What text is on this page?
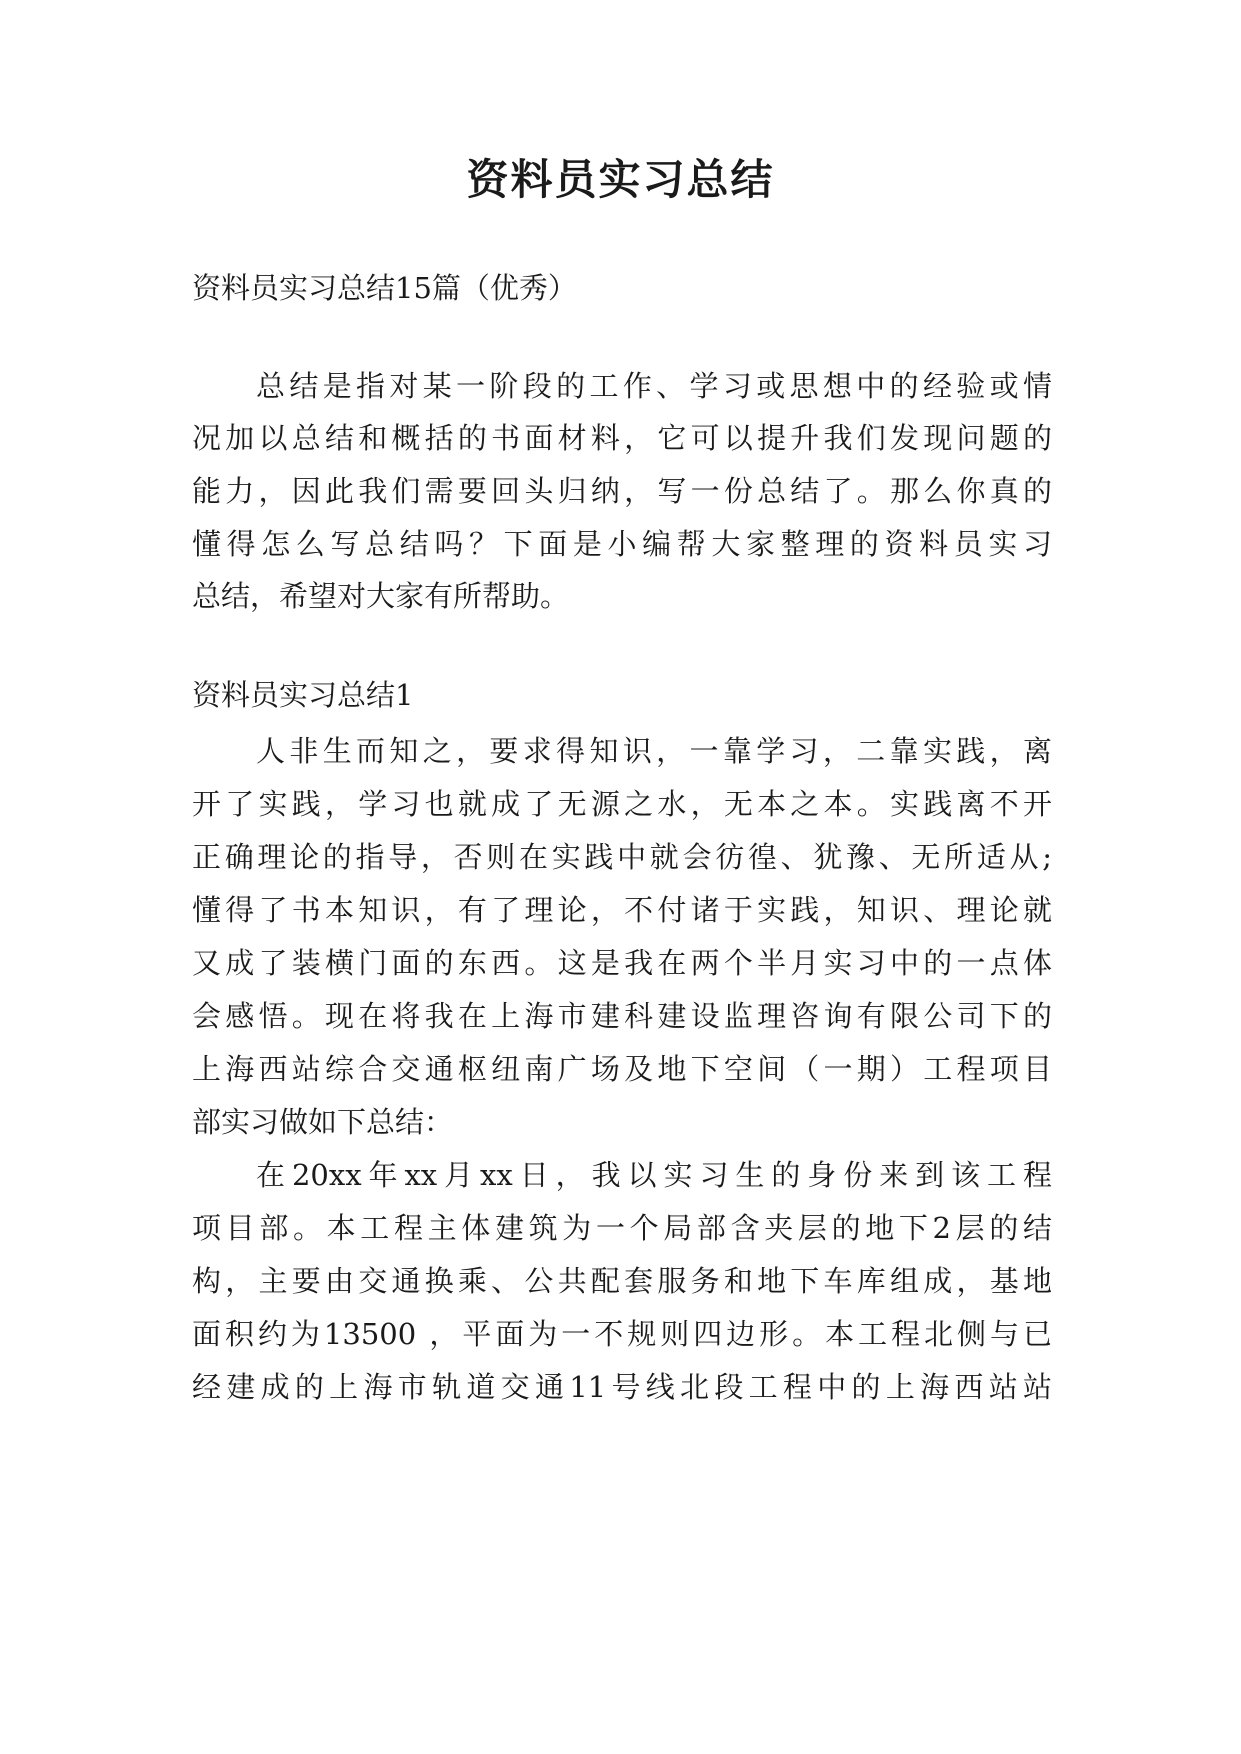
资料员实习总结

资料员实习总结15篇（优秀）

总结是指对某一阶段的工作、学习或思想中的经验或情

况加以总结和概括的书面材料，它可以提升我们发现问题的

能力，因此我们需要回头归纳，写一份总结了。那么你真的

懂得怎么写总结吗？下面是小编帮大家整理的资料员实习

总结，希望对大家有所帮助。

资料员实习总结1

人非生而知之，要求得知识，一靠学习，二靠实践，离

开了实践，学习也就成了无源之水，无本之本。实践离不开

正确理论的指导，否则在实践中就会彷徨、犹豫、无所适从;

懂得了书本知识，有了理论，不付诸于实践，知识、理论就

又成了装横门面的东西。这是我在两个半月实习中的一点体

会感悟。现在将我在上海市建科建设监理咨询有限公司下的

上海西站综合交通枢纽南广场及地下空间（一期）工程项目

部实习做如下总结：

在20xx年xx月xx日，我以实习生的身份来到该工程

项目部。本工程主体建筑为一个局部含夹层的地下2层的结

构，主要由交通换乘、公共配套服务和地下车库组成，基地

面积约为13500 ，平面为一不规则四边形。本工程北侧与已

经建成的上海市轨道交通11号线北段工程中的上海西站站
